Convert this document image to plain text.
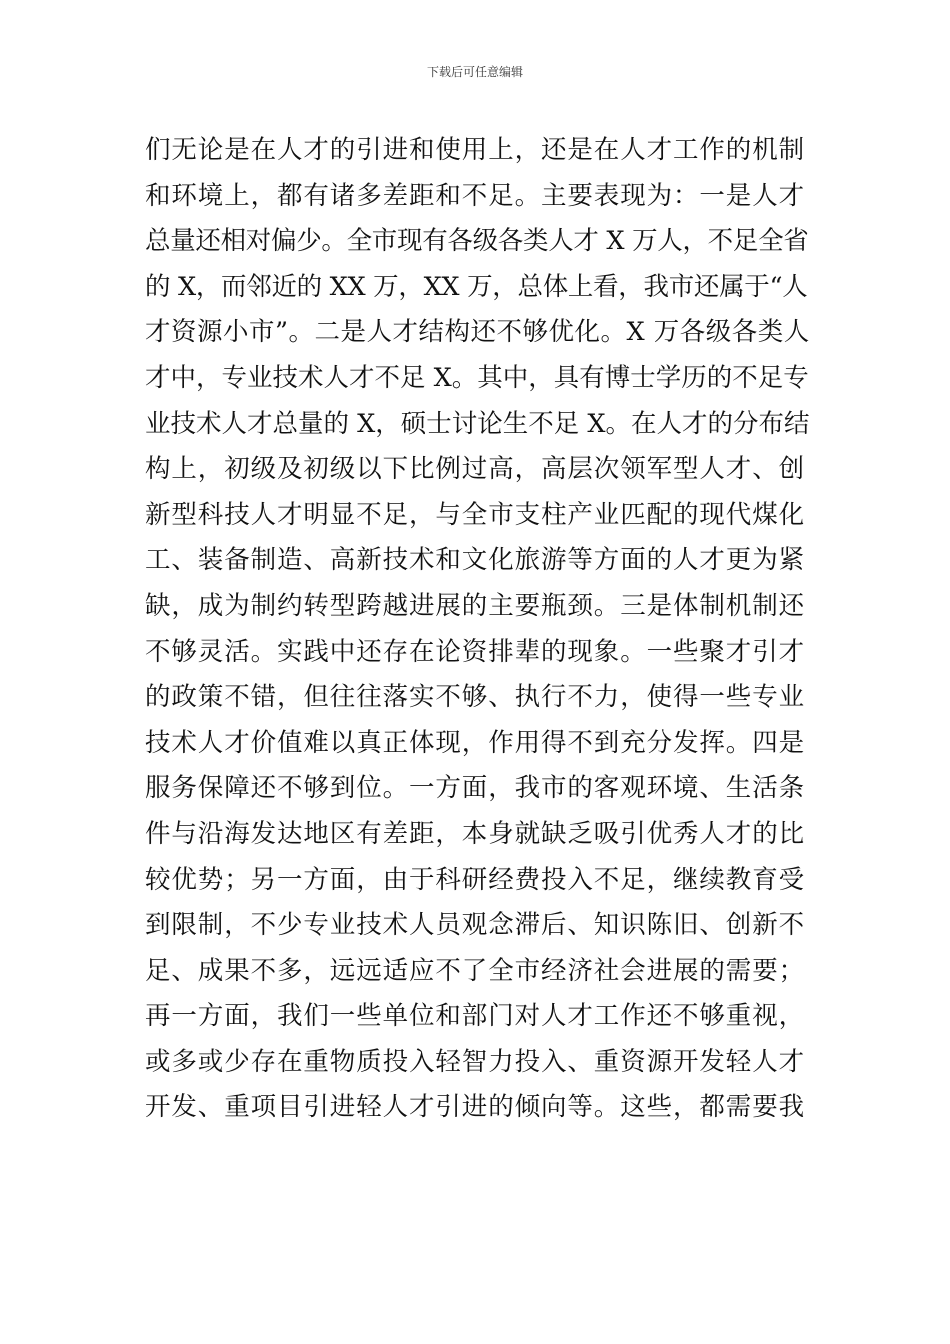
下载后可任意编辑
们无论是在人才的引进和使用上，还是在人才工作的机制
和环境上，都有诸多差距和不足。主要表现为：一是人才
总量还相对偏少。全市现有各级各类人才 X 万人，不足全省
的 X，而邻近的 XX 万，XX 万，总体上看，我市还属于“人
才资源小市”。二是人才结构还不够优化。X 万各级各类人
才中，专业技术人才不足 X。其中，具有博士学历的不足专
业技术人才总量的 X，硕士讨论生不足 X。在人才的分布结
构上，初级及初级以下比例过高，高层次领军型人才、创
新型科技人才明显不足，与全市支柱产业匹配的现代煤化
工、装备制造、高新技术和文化旅游等方面的人才更为紧
缺，成为制约转型跨越进展的主要瓶颈。三是体制机制还
不够灵活。实践中还存在论资排辈的现象。一些聚才引才
的政策不错，但往往落实不够、执行不力，使得一些专业
技术人才价值难以真正体现，作用得不到充分发挥。四是
服务保障还不够到位。一方面，我市的客观环境、生活条
件与沿海发达地区有差距，本身就缺乏吸引优秀人才的比
较优势；另一方面，由于科研经费投入不足，继续教育受
到限制，不少专业技术人员观念滞后、知识陈旧、创新不
足、成果不多，远远适应不了全市经济社会进展的需要；
再一方面，我们一些单位和部门对人才工作还不够重视，
或多或少存在重物质投入轻智力投入、重资源开发轻人才
开发、重项目引进轻人才引进的倾向等。这些，都需要我
